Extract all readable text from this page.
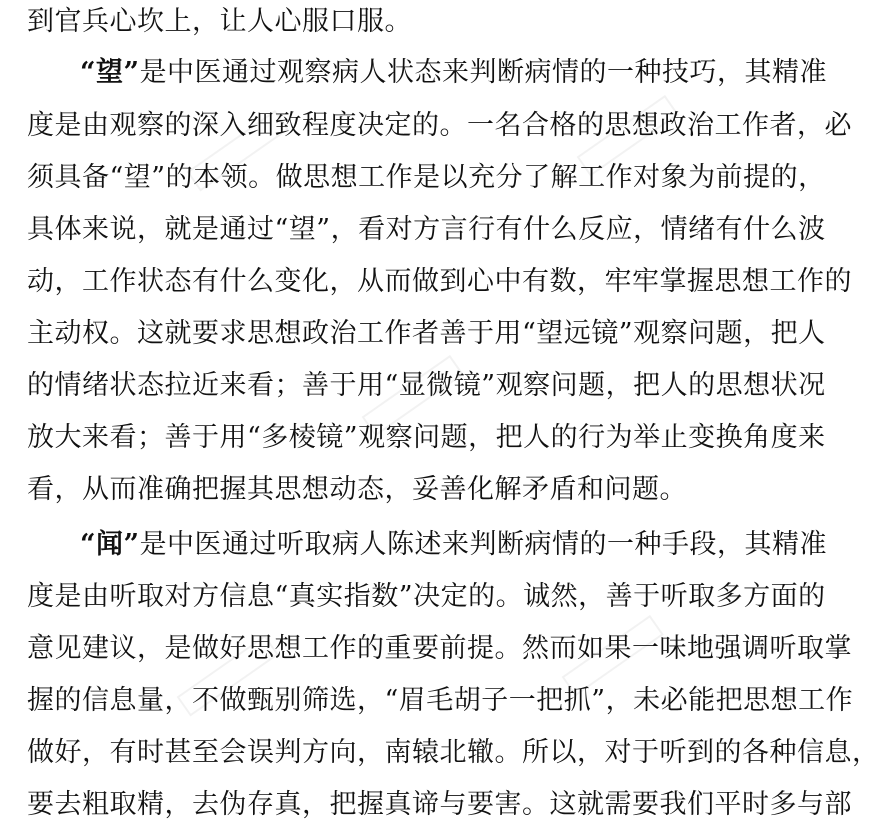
到官兵心坎上，让人心服口服。
“望”是中医通过观察病人状态来判断病情的一种技巧，其精准
度是由观察的深入细致程度决定的。一名合格的思想政治工作者，必
须具备“望”的本领。做思想工作是以充分了解工作对象为前提的，
具体来说，就是通过“望”，看对方言行有什么反应，情绪有什么波
动，工作状态有什么变化，从而做到心中有数，牢牢掌握思想工作的
主动权。这就要求思想政治工作者善于用“望远镜”观察问题，把人
的情绪状态拉近来看；善于用“显微镜”观察问题，把人的思想状况
放大来看；善于用“多棱镜”观察问题，把人的行为举止变换角度来
看，从而准确把握其思想动态，妥善化解矛盾和问题。
“闻”是中医通过听取病人陈述来判断病情的一种手段，其精准
度是由听取对方信息“真实指数”决定的。诚然，善于听取多方面的
意见建议，是做好思想工作的重要前提。然而如果一味地强调听取掌
握的信息量，不做甄别筛选，“眉毛胡子一把抓”，未必能把思想工作
做好，有时甚至会误判方向，南辕北辙。所以，对于听到的各种信息，
要去粗取精，去伪存真，把握真谛与要害。这就需要我们平时多与部
